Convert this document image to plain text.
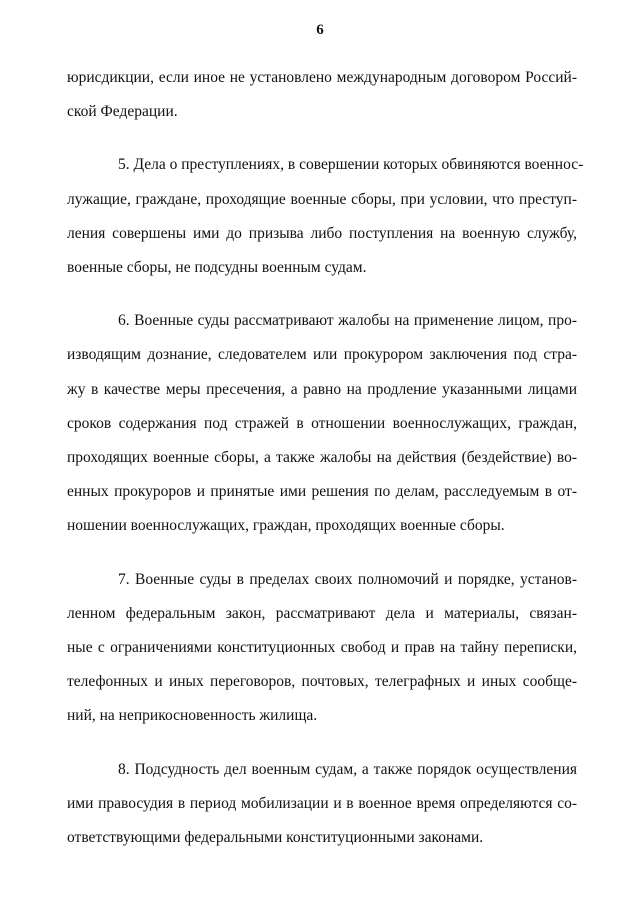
6
юрисдикции, если иное не установлено международным договором Россий-
ской Федерации.
5. Дела о преступлениях, в совершении которых обвиняются военнос-
лужащие, граждане, проходящие военные сборы, при условии, что преступ-
ления совершены ими до призыва либо поступления на военную службу,
военные сборы, не подсудны военным судам.
6. Военные суды рассматривают жалобы на применение лицом, про-
изводящим дознание, следователем или прокурором заключения под стра-
жу в качестве меры пресечения, а равно на продление указанными лицами
сроков содержания под стражей в отношении военнослужащих, граждан,
проходящих военные сборы, а также жалобы на действия (бездействие) во-
енных прокуроров и принятые ими решения по делам, расследуемым в от-
ношении военнослужащих, граждан, проходящих военные сборы.
7. Военные суды в пределах своих полномочий и порядке, установ-
ленном федеральным закон, рассматривают дела и материалы, связан-
ные с ограничениями конституционных свобод и прав на тайну переписки,
телефонных и иных переговоров, почтовых, телеграфных и иных сообще-
ний, на неприкосновенность жилища.
8. Подсудность дел военным судам, а также порядок осуществления
ими правосудия в период мобилизации и в военное время определяются со-
ответствующими федеральными конституционными законами.
